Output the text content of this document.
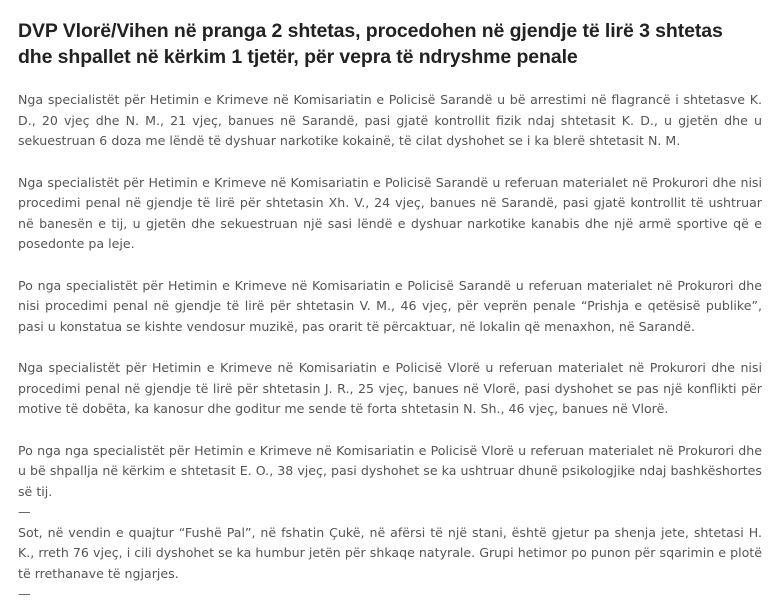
DVP Vlorë/Vihen në pranga 2 shtetas, procedohen në gjendje të lirë 3 shtetas dhe shpallet në kërkim 1 tjetër, për vepra të ndryshme penale

Nga specialistët për Hetimin e Krimeve në Komisariatin e Policisë Sarandë u bë arrestimi në flagrancë i shtetasve K. D., 20 vjeç dhe N. M., 21 vjeç, banues në Sarandë, pasi gjatë kontrollit fizik ndaj shtetasit K. D., u gjetën dhe u sekuestruan 6 doza me lëndë të dyshuar narkotike kokainë, të cilat dyshohet se i ka blerë shtetasit N. M.

Nga specialistët për Hetimin e Krimeve në Komisariatin e Policisë Sarandë u referuan materialet në Prokurori dhe nisi procedimi penal në gjendje të lirë për shtetasin Xh. V., 24 vjeç, banues në Sarandë, pasi gjatë kontrollit të ushtruar në banesën e tij, u gjetën dhe sekuestruan një sasi lëndë e dyshuar narkotike kanabis dhe një armë sportive që e posedonte pa leje.

Po nga specialistët për Hetimin e Krimeve në Komisariatin e Policisë Sarandë u referuan materialet në Prokurori dhe nisi procedimi penal në gjendje të lirë për shtetasin V. M., 46 vjeç, për veprën penale “Prishja e qetësisë publike”, pasi u konstatua se kishte vendosur muzikë, pas orarit të përcaktuar, në lokalin që menaxhon, në Sarandë.

Nga specialistët për Hetimin e Krimeve në Komisariatin e Policisë Vlorë u referuan materialet në Prokurori dhe nisi procedimi penal në gjendje të lirë për shtetasin J. R., 25 vjeç, banues në Vlorë, pasi dyshohet se pas një konflikti për motive të dobëta, ka kanosur dhe goditur me sende të forta shtetasin N. Sh., 46 vjeç, banues në Vlorë.

Po nga nga specialistët për Hetimin e Krimeve në Komisariatin e Policisë Vlorë u referuan materialet në Prokurori dhe u bë shpallja në kërkim e shtetasit E. O., 38 vjeç, pasi dyshohet se ka ushtruar dhunë psikologjike ndaj bashkëshortes së tij.

—

Sot, në vendin e quajtur “Fushë Pal”, në fshatin Çukë, në afërsi të një stani, është gjetur pa shenja jete, shtetasi H. K., rreth 76 vjeç, i cili dyshohet se ka humbur jetën për shkaqe natyrale. Grupi hetimor po punon për sqarimin e plotë të rrethanave të ngjarjes.

—
